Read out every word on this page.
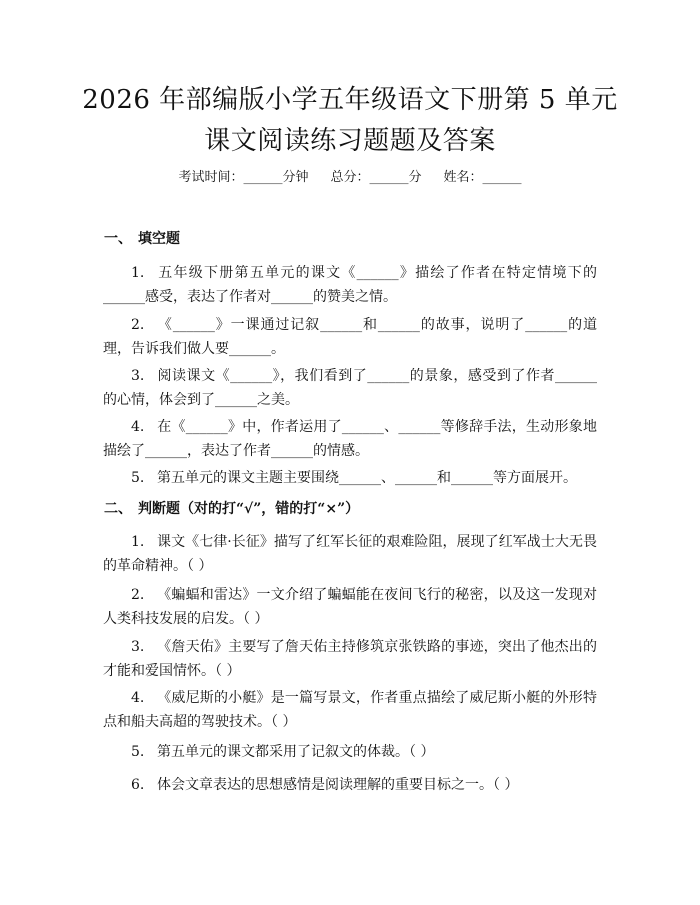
2026 年部编版小学五年级语文下册第 5 单元
课文阅读练习题题及答案
考试时间：______分钟 总分：______分 姓名：______
一、 填空题
1. 五年级下册第五单元的课文《______》描绘了作者在特定情境下的______感受，表达了作者对______的赞美之情。
2. 《______》一课通过记叙______和______的故事，说明了______的道理，告诉我们做人要______。
3. 阅读课文《______》，我们看到了______的景象，感受到了作者______的心情，体会到了______之美。
4. 在《______》中，作者运用了______、______等修辞手法，生动形象地描绘了______，表达了作者______的情感。
5. 第五单元的课文主题主要围绕______、______和______等方面展开。
二、 判断题（对的打“√”，错的打“×”）
1. 课文《七律·长征》描写了红军长征的艰难险阻，展现了红军战士大无畏的革命精神。（ ）
2. 《蝙蝠和雷达》一文介绍了蝙蝠能在夜间飞行的秘密，以及这一发现对人类科技发展的启发。（ ）
3. 《詹天佑》主要写了詹天佑主持修筑京张铁路的事迹，突出了他杰出的才能和爱国情怀。（ ）
4. 《威尼斯的小艇》是一篇写景文，作者重点描绘了威尼斯小艇的外形特点和船夫高超的驾驶技术。（ ）
5. 第五单元的课文都采用了记叙文的体裁。（ ）
6. 体会文章表达的思想感情是阅读理解的重要目标之一。（ ）
